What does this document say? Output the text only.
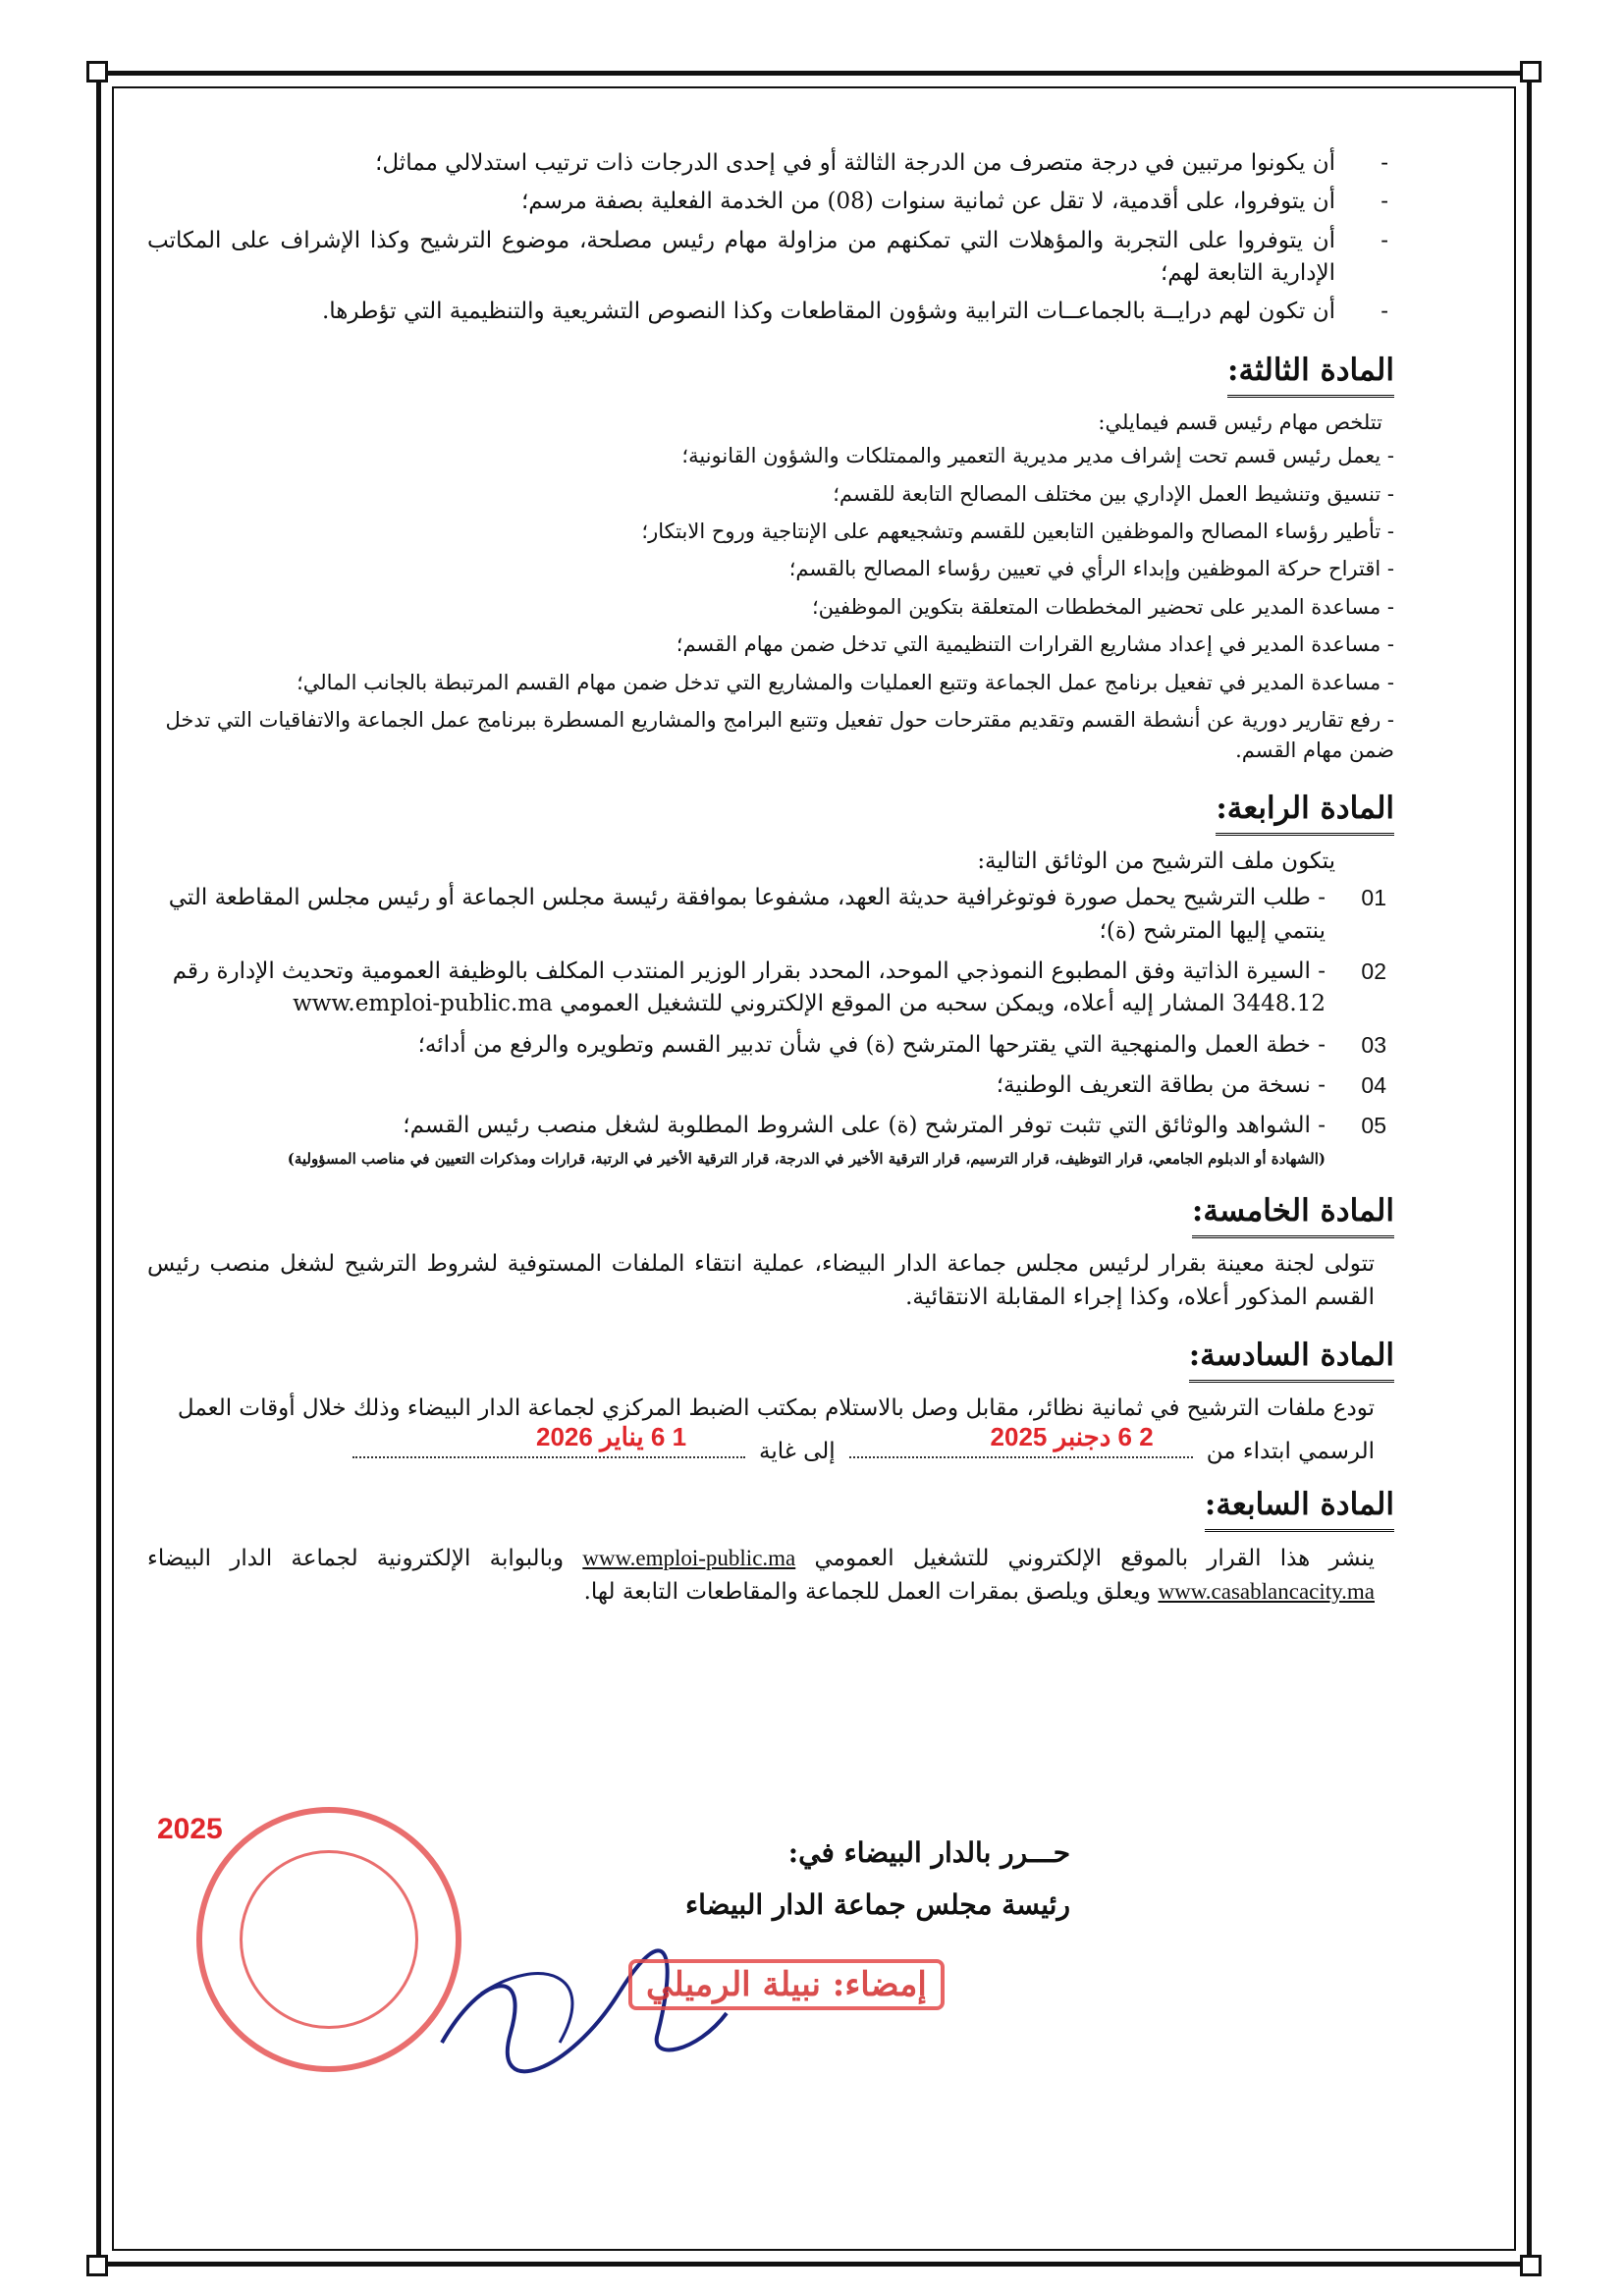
- أن يكونوا مرتبين في درجة متصرف من الدرجة الثالثة أو في إحدى الدرجات ذات ترتيب استدلالي مماثل؛
- أن يتوفروا، على أقدمية، لا تقل عن ثمانية سنوات (08) من الخدمة الفعلية بصفة مرسم؛
- أن يتوفروا على التجربة والمؤهلات التي تمكنهم من مزاولة مهام رئيس مصلحة، موضوع الترشيح وكذا الإشراف على المكاتب الإدارية التابعة لهم؛
- أن تكون لهم درايــة بالجماعــات الترابية وشؤون المقاطعات وكذا النصوص التشريعية والتنظيمية التي تؤطرها.
المادة الثالثة:
تتلخص مهام رئيس قسم فيمايلي:
- يعمل رئيس قسم تحت إشراف مدير مديرية التعمير والممتلكات والشؤون القانونية؛
- تنسيق وتنشيط العمل الإداري بين مختلف المصالح التابعة للقسم؛
- تأطير رؤساء المصالح والموظفين التابعين للقسم وتشجيعهم على الإنتاجية وروح الابتكار؛
- اقتراح حركة الموظفين وإبداء الرأي في تعيين رؤساء المصالح بالقسم؛
- مساعدة المدير على تحضير المخططات المتعلقة بتكوين الموظفين؛
- مساعدة المدير في إعداد مشاريع القرارات التنظيمية التي تدخل ضمن مهام القسم؛
- مساعدة المدير في تفعيل برنامج عمل الجماعة وتتبع العمليات والمشاريع التي تدخل ضمن مهام القسم المرتبطة بالجانب المالي؛
- رفع تقارير دورية عن أنشطة القسم وتقديم مقترحات حول تفعيل وتتبع البرامج والمشاريع المسطرة ببرنامج عمل الجماعة والاتفاقيات التي تدخل ضمن مهام القسم.
المادة الرابعة:
يتكون ملف الترشيح من الوثائق التالية:
01
- طلب الترشيح يحمل صورة فوتوغرافية حديثة العهد، مشفوعا بموافقة رئيسة مجلس الجماعة أو رئيس مجلس المقاطعة التي ينتمي إليها المترشح (ة)؛
02
- السيرة الذاتية وفق المطبوع النموذجي الموحد، المحدد بقرار الوزير المنتدب المكلف بالوظيفة العمومية وتحديث الإدارة رقم 3448.12 المشار إليه أعلاه، ويمكن سحبه من الموقع الإلكتروني للتشغيل العمومي www.emploi-public.ma
03
- خطة العمل والمنهجية التي يقترحها المترشح (ة) في شأن تدبير القسم وتطويره والرفع من أدائه؛
04
- نسخة من بطاقة التعريف الوطنية؛
05
- الشواهد والوثائق التي تثبت توفر المترشح (ة) على الشروط المطلوبة لشغل منصب رئيس القسم؛
(الشهادة أو الدبلوم الجامعي، قرار التوظيف، قرار الترسيم، قرار الترقية الأخير في الدرجة، قرار الترقية الأخير في الرتبة، قرارات ومذكرات التعيين في مناصب المسؤولية)
المادة الخامسة:

تتولى لجنة معينة بقرار لرئيس مجلس جماعة الدار البيضاء، عملية انتقاء الملفات المستوفية لشروط الترشيح لشغل منصب رئيس القسم المذكور أعلاه، وكذا إجراء المقابلة الانتقائية.

المادة السادسة:

تودع ملفات الترشيح في ثمانية نظائر، مقابل وصل بالاستلام بمكتب الضبط المركزي لجماعة الدار البيضاء وذلك خلال أوقات العمل

الرسمي ابتداء من
2 6 دجنبر 2025
إلى غاية
1 6 يناير 2026
المادة السابعة:

ينشر هذا القرار بالموقع الإلكتروني للتشغيل العمومي www.emploi-public.ma وبالبوابة الإلكترونية لجماعة الدار البيضاء www.casablancacity.ma ويعلق ويلصق بمقرات العمل للجماعة والمقاطعات التابعة لها.

2025
حـــرر بالدار البيضاء في:
رئيسة مجلس جماعة الدار البيضاء
إمضاء: نبيلة الرميلي
